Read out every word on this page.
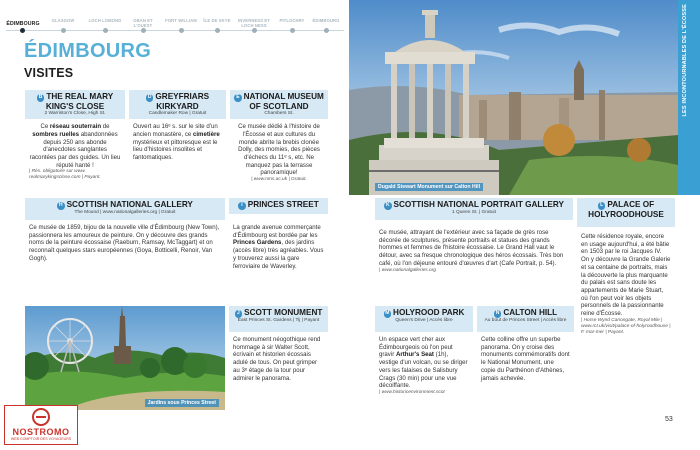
ÉDIMBOURG
GLASGOW	LOCH LOMOND	OBAN ET L'OUEST
FORT WILLIAM	ÎLE DE SKYE	INVERNESS ET LOCH NESS
PITLOCHRY	ÉDIMBOURG
ÉDIMBOURG
VISITES
B THE REAL MARY KING'S CLOSE
2 Warriston's Close, High St.
Ce réseau souterrain de sombres ruelles abandonnées depuis 250 ans abonde d'anecdotes sanglantes racontées par des guides. Un lieu réputé hanté !
| Rés. obligatoire sur www. realmarykingsclose.com | Payant.
D GREYFRIARS KIRKYARD
Candlemaker Row | Gratuit
Ouvert au 16ᵉ s. sur le site d'un ancien monastère, ce cimetière mystérieux et pittoresque est le lieu d'histoires insolites et fantomatiques.
E NATIONAL MUSEUM OF SCOTLAND
Chambers St.
Ce musée dédié à l'histoire de l'Écosse et aux cultures du monde abrite la brebis clonée Dolly, des momies, des pièces d'échecs du 11ᵉ s, etc. Ne manquez pas la terrasse panoramique!
| www.nms.ac.uk | Gratuit.
H SCOTTISH NATIONAL GALLERY
The Mound | www.nationalgalleries.org | Gratuit
Ce musée de 1859, bijou de la nouvelle ville d'Édimbourg (New Town), passionnera les amoureux de peinture. On y découvre des grands noms de la peinture écossaise (Raeburn, Ramsay, McTaggart) et on reconnaît quelques stars européennes (Goya, Botticelli, Renoir, Van Gogh).
I PRINCES STREET
La grande avenue commerçante d'Édimbourg est bordée par les Princes Gardens, des jardins (accès libre) très agréables. Vous y trouverez aussi la gare ferroviaire de Waverley.
Jardins sous Princes Street
J SCOTT MONUMENT
East Princes St. Gardens | Tij | Payant
Ce monument néogothique rend hommage à sir Walter Scott, écrivain et historien écossais adulé de tous. On peut grimper au 3ᵉ étage de la tour pour admirer le panorama.
Dugald Stewart Monument sur Calton Hill
LES INCONTOURNABLES DE L'ÉCOSSE
K SCOTTISH NATIONAL PORTRAIT GALLERY
1 Queen St. | Gratuit
Ce musée, attrayant de l'extérieur avec sa façade de grès rose décorée de sculptures, présente portraits et statues des grands hommes et femmes de l'histoire écossaise. Le Grand Hall vaut le détour, avec sa fresque chronologique des héros écossais. Très bon café, où l'on déjeune entouré d'œuvres d'art (Cafe Portrait, p. 54).
| www.nationalgalleries.org
L PALACE OF HOLYROODHOUSE
Cette résidence royale, encore en usage aujourd'hui, a été bâtie en 1503 par le roi Jacques IV. On y découvre la Grande Galerie et sa centaine de portraits, mais la découverte la plus marquante du palais est sans doute les appartements de Marie Stuart, où l'on peut voir les objets personnels de la passionnante reine d'Écosse.
| Horse Wynd Canongate, Royal Mile | www.rct.uk/visit/palace-of-holyroodhouse | F. mar-mer | Payant.
M HOLYROOD PARK
Queen's Drive | Accès libre
Un espace vert cher aux Édimbourgeois où l'on peut gravir Arthur's Seat (1h), vestige d'un volcan, ou se diriger vers les falaises de Salisbury Crags (30 min) pour une vue décoiffante.
| www.historicenvironment.scot
N CALTON HILL
Au bout de Princes Street | Accès libre
Cette colline offre un superbe panorama. On y croise des monuments commémoratifs dont le National Monument, une copie du Parthénon d'Athènes, jamais achevée.
53
NOSTROMO
WEB COMPTOIR DES VOYAGEURS
